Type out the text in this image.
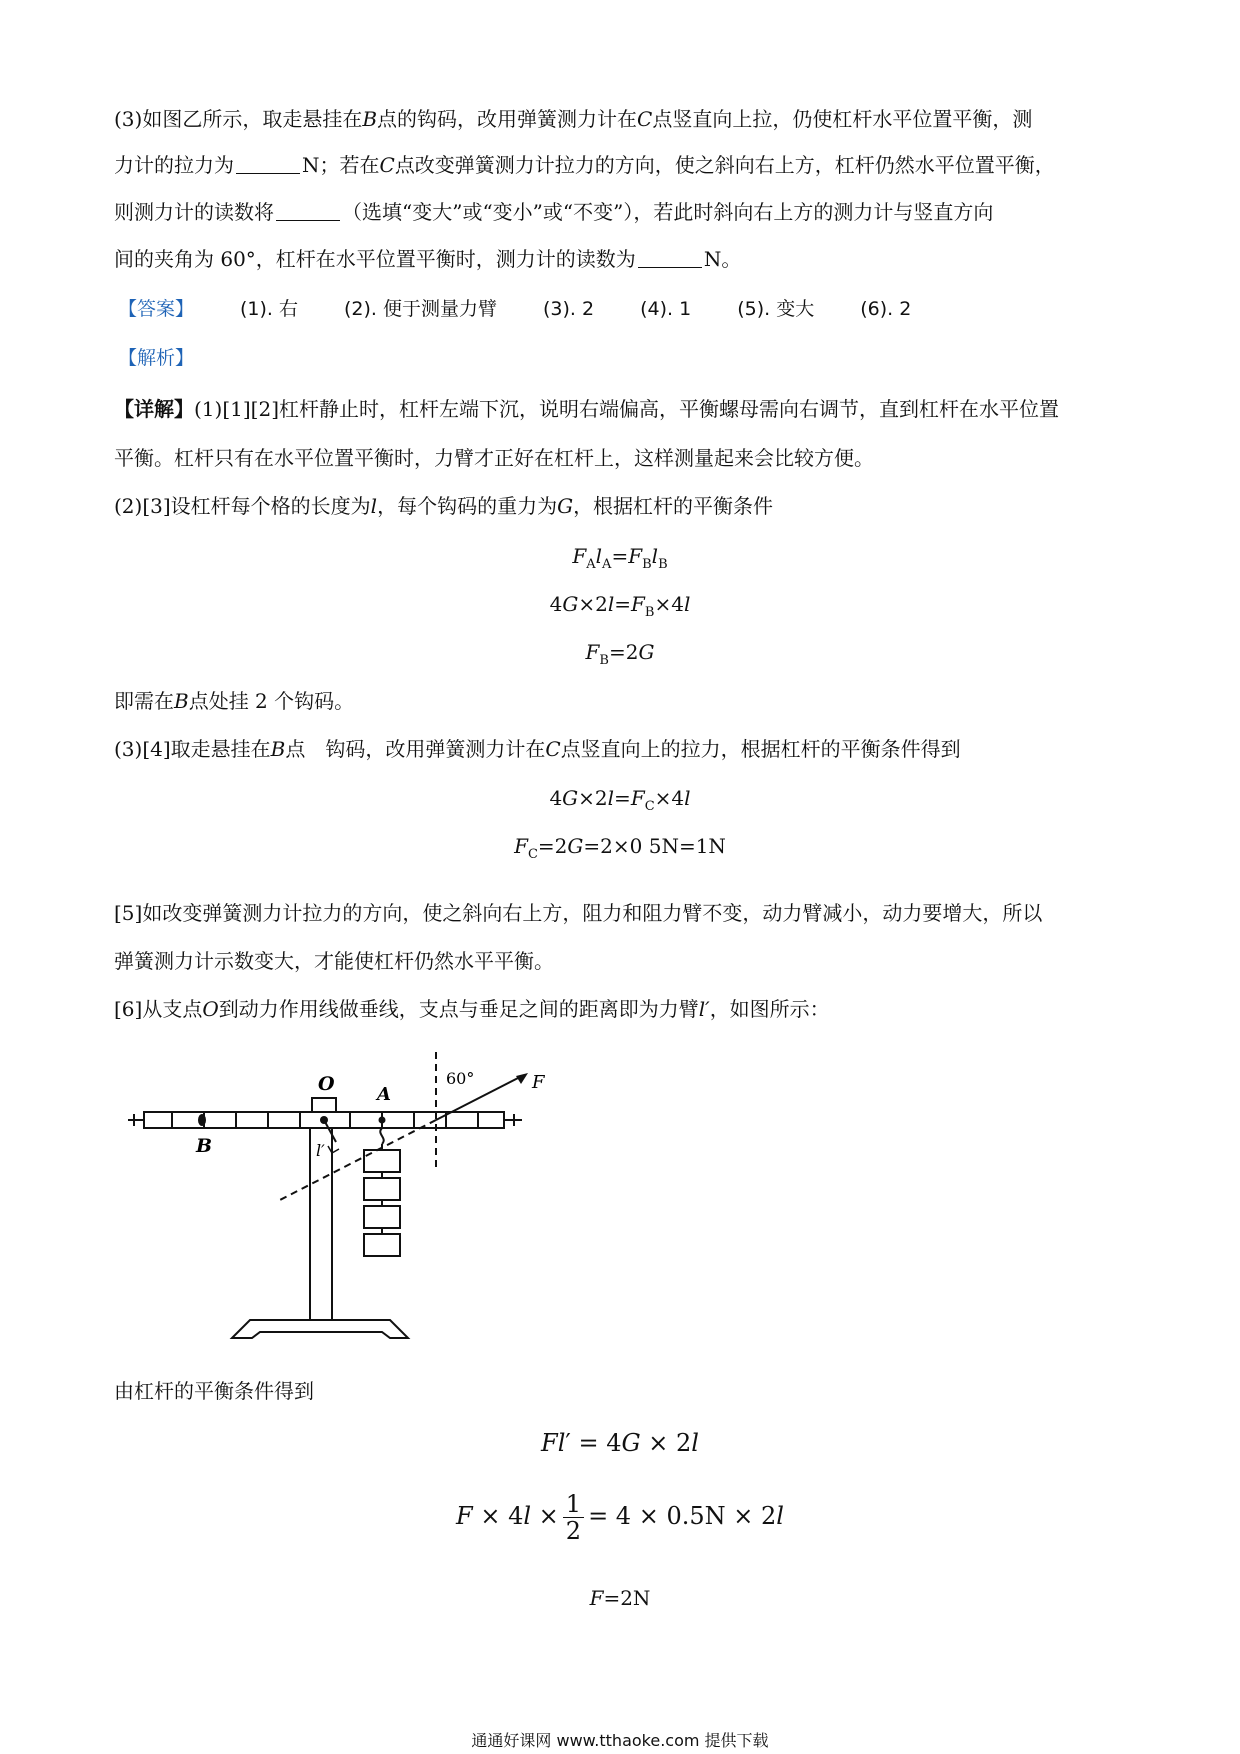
(3)如图乙所示，取走悬挂在B点的钩码，改用弹簧测力计在C点竖直向上拉，仍使杠杆水平位置平衡，测
力计的拉力为	N；若在C点改变弹簧测力计拉力的方向，使之斜向右上方，杠杆仍然水平位置平衡，
则测力计的读数将	（选填“变大”或“变小”或“不变”），若此时斜向右上方的测力计与竖直方向
间的夹角为 60°，杠杆在水平位置平衡时，测力计的读数为	N。
【答案】 (1). 右 (2). 便于测量力臂 (3). 2 (4). 1 (5). 变大 (6). 2
【解析】
【详解】(1)[1][2]杠杆静止时，杠杆左端下沉，说明右端偏高，平衡螺母需向右调节，直到杠杆在水平位置
平衡。杠杆只有在水平位置平衡时，力臂才正好在杠杆上，这样测量起来会比较方便。
(2)[3]设杠杆每个格的长度为l，每个钩码的重力为G，根据杠杆的平衡条件
$F_Al_A=F_Bl_B$
$4G\times 2l=F_B\times 4l$
$F_B=2G$
即需在B点处挂 2 个钩码。
(3)[4]取走悬挂在B点　钩码，改用弹簧测力计在C点竖直向上的拉力，根据杠杆的平衡条件得到
$4G\times 2l=F_C\times 4l$
$F_C=2G=2\times 0$ 5N=1N
[5]如改变弹簧测力计拉力的方向，使之斜向右上方，阻力和阻力臂不变，动力臂减小，动力要增大，所以
弹簧测力计示数变大，才能使杠杆仍然水平平衡。
[6]从支点O到动力作用线做垂线，支点与垂足之间的距离即为力臂l′，如图所示：
O A
B
F
60°
l′
由杠杆的平衡条件得到
Fl′ = 4G × 2l
$F \times 4l \times \frac{1}{2} = 4 \times 0.5N \times 2l$
F=2N
通通好课网 www.tthaoke.com 提供下载
